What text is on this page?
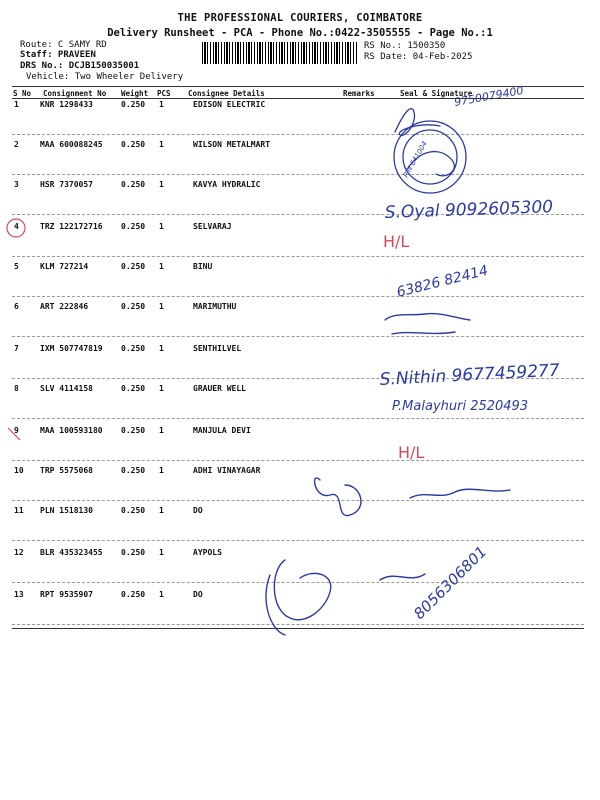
THE PROFESSIONAL COURIERS, COIMBATORE
Delivery Runsheet - PCA - Phone No.:0422-3505555 - Page No.:1
Route: C SAMY RD
Staff: PRAVEEN
DRS No.: DCJB150035001
Vehicle: Two Wheeler Delivery
RS No.: 1500350
RS Date: 04-Feb-2025
S No Consignment No Weight PCS Consignee Details	Remarks	Seal & Signature
1	KNR 1298433	0.250 1	EDISON ELECTRIC
2	MAA 600088245 0.250 1	WILSON METALMART
3	HSR 7370057	0.250 1	KAVYA HYDRALIC
4	TRZ 122172716 0.250 1	SELVARAJ
5	KLM 727214	0.250 1	BINU
6	ART 222846	0.250 1	MARIMUTHU
7	IXM 507747819 0.250 1	SENTHILVEL
8	SLV 4114158	0.250 1	GRAUER WELL
9	MAA 100593180 0.250 1	MANJULA DEVI
10 TRP 5575068	0.250 1	ADHI VINAYAGAR
11 PLN 1518130	0.250 1	DO
12 BLR 435323455 0.250 1	AYPOLS
13 RPT 9535907	0.250 1	DO
9750079400
PIN 641004
S.Oyal 9092605300
63826 82414
S.Nithin 9677459277
P.Malayhuri 2520493
8056306801
H/L
H/L
